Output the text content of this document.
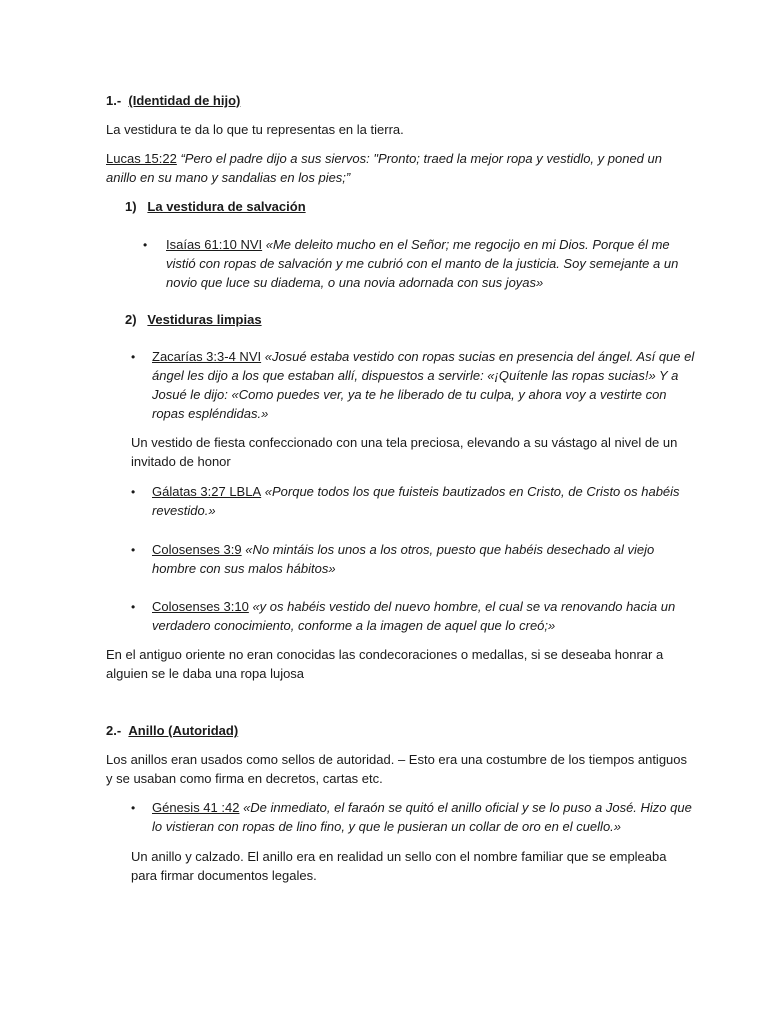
1.- (Identidad de hijo)
La vestidura te da lo que tu representas en la tierra.
Lucas 15:22 “Pero el padre dijo a sus siervos: "Pronto; traed la mejor ropa y vestidlo, y poned un
anillo en su mano y sandalias en los pies;”
1) La vestidura de salvación
• Isaías 61:10 NVI «Me deleito mucho en el Señor; me regocijo en mi Dios. Porque él me
vistió con ropas de salvación y me cubrió con el manto de la justicia. Soy semejante a un
novio que luce su diadema, o una novia adornada con sus joyas»
2) Vestiduras limpias
• Zacarías 3:3-4 NVI «Josué estaba vestido con ropas sucias en presencia del ángel. Así que el
ángel les dijo a los que estaban allí, dispuestos a servirle: «¡Quítenle las ropas sucias!» Y a
Josué le dijo: «Como puedes ver, ya te he liberado de tu culpa, y ahora voy a vestirte con
ropas espléndidas.»
Un vestido de fiesta confeccionado con una tela preciosa, elevando a su vástago al nivel de un
invitado de honor
• Gálatas 3:27 LBLA «Porque todos los que fuisteis bautizados en Cristo, de Cristo os habéis
revestido.»
• Colosenses 3:9 «No mintáis los unos a los otros, puesto que habéis desechado al viejo
hombre con sus malos hábitos»
• Colosenses 3:10 «y os habéis vestido del nuevo hombre, el cual se va renovando hacia un
verdadero conocimiento, conforme a la imagen de aquel que lo creó;»
En el antiguo oriente no eran conocidas las condecoraciones o medallas, si se deseaba honrar a
alguien se le daba una ropa lujosa
2.- Anillo (Autoridad)
Los anillos eran usados como sellos de autoridad. – Esto era una costumbre de los tiempos antiguos
y se usaban como firma en decretos, cartas etc.
• Génesis 41 :42 «De inmediato, el faraón se quitó el anillo oficial y se lo puso a José. Hizo que
lo vistieran con ropas de lino fino, y que le pusieran un collar de oro en el cuello.»
Un anillo y calzado. El anillo era en realidad un sello con el nombre familiar que se empleaba
para firmar documentos legales.
